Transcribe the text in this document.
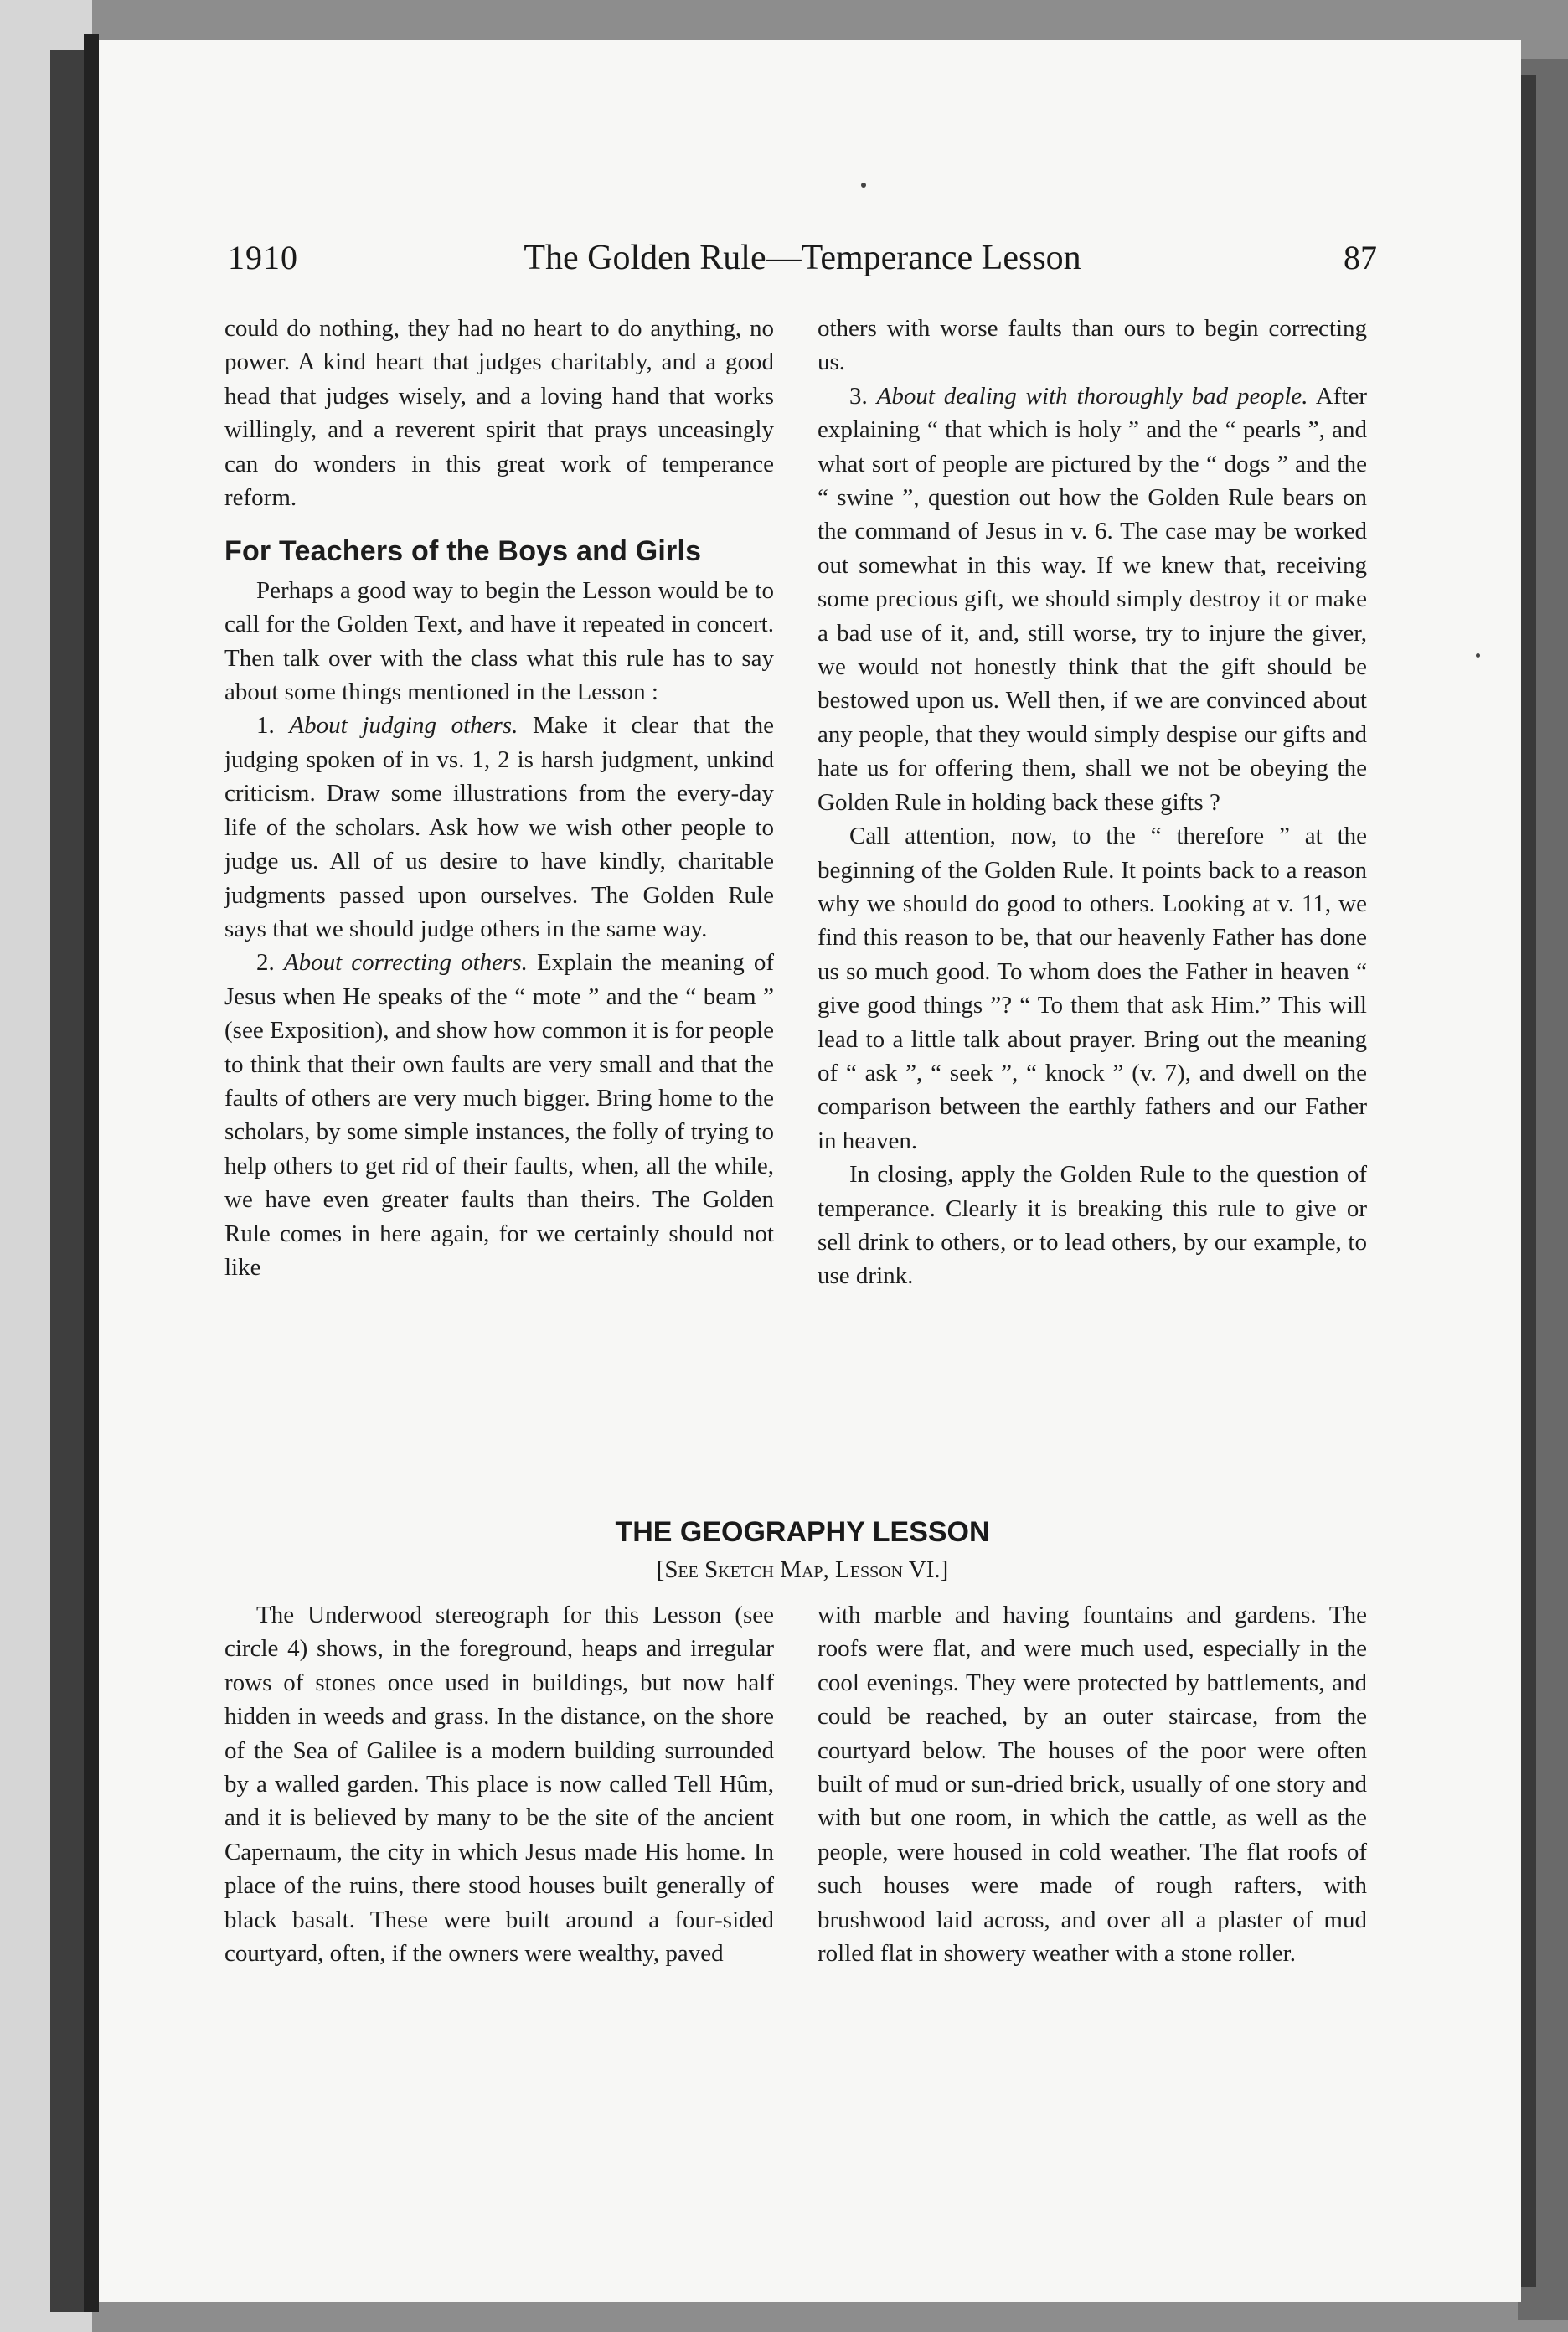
1910	The Golden Rule—Temperance Lesson	87

could do nothing, they had no heart to do anything, no power. A kind heart that judges charitably, and a good head that judges wisely, and a loving hand that works willingly, and a reverent spirit that prays unceasingly can do wonders in this great work of temperance reform.

For Teachers of the Boys and Girls

Perhaps a good way to begin the Lesson would be to call for the Golden Text, and have it repeated in concert. Then talk over with the class what this rule has to say about some things mentioned in the Lesson :

1. About judging others. Make it clear that the judging spoken of in vs. 1, 2 is harsh judgment, unkind criticism. Draw some illustrations from the every-day life of the scholars. Ask how we wish other people to judge us. All of us desire to have kindly, charitable judgments passed upon ourselves. The Golden Rule says that we should judge others in the same way.

2. About correcting others. Explain the meaning of Jesus when He speaks of the “ mote ” and the “ beam ” (see Exposition), and show how common it is for people to think that their own faults are very small and that the faults of others are very much bigger. Bring home to the scholars, by some simple instances, the folly of trying to help others to get rid of their faults, when, all the while, we have even greater faults than theirs. The Golden Rule comes in here again, for we certainly should not like

others with worse faults than ours to begin correcting us.

3. About dealing with thoroughly bad people. After explaining “ that which is holy ” and the “ pearls ”, and what sort of people are pictured by the “ dogs ” and the “ swine ”, question out how the Golden Rule bears on the command of Jesus in v. 6. The case may be worked out somewhat in this way. If we knew that, receiving some precious gift, we should simply destroy it or make a bad use of it, and, still worse, try to injure the giver, we would not honestly think that the gift should be bestowed upon us. Well then, if we are convinced about any people, that they would simply despise our gifts and hate us for offering them, shall we not be obeying the Golden Rule in holding back these gifts ?

Call attention, now, to the “ therefore ” at the beginning of the Golden Rule. It points back to a reason why we should do good to others. Looking at v. 11, we find this reason to be, that our heavenly Father has done us so much good. To whom does the Father in heaven “ give good things ”? “ To them that ask Him.” This will lead to a little talk about prayer. Bring out the meaning of “ ask ”, “ seek ”, “ knock ” (v. 7), and dwell on the comparison between the earthly fathers and our Father in heaven.

In closing, apply the Golden Rule to the question of temperance. Clearly it is breaking this rule to give or sell drink to others, or to lead others, by our example, to use drink.

THE GEOGRAPHY LESSON
[See Sketch Map, Lesson VI.]

The Underwood stereograph for this Lesson (see circle 4) shows, in the foreground, heaps and irregular rows of stones once used in buildings, but now half hidden in weeds and grass. In the distance, on the shore of the Sea of Galilee is a modern building surrounded by a walled garden. This place is now called Tell Hûm, and it is believed by many to be the site of the ancient Capernaum, the city in which Jesus made His home. In place of the ruins, there stood houses built generally of black basalt. These were built around a four-sided courtyard, often, if the owners were wealthy, paved

with marble and having fountains and gardens. The roofs were flat, and were much used, especially in the cool evenings. They were protected by battlements, and could be reached, by an outer staircase, from the courtyard below. The houses of the poor were often built of mud or sun-dried brick, usually of one story and with but one room, in which the cattle, as well as the people, were housed in cold weather. The flat roofs of such houses were made of rough rafters, with brushwood laid across, and over all a plaster of mud rolled flat in showery weather with a stone roller.
